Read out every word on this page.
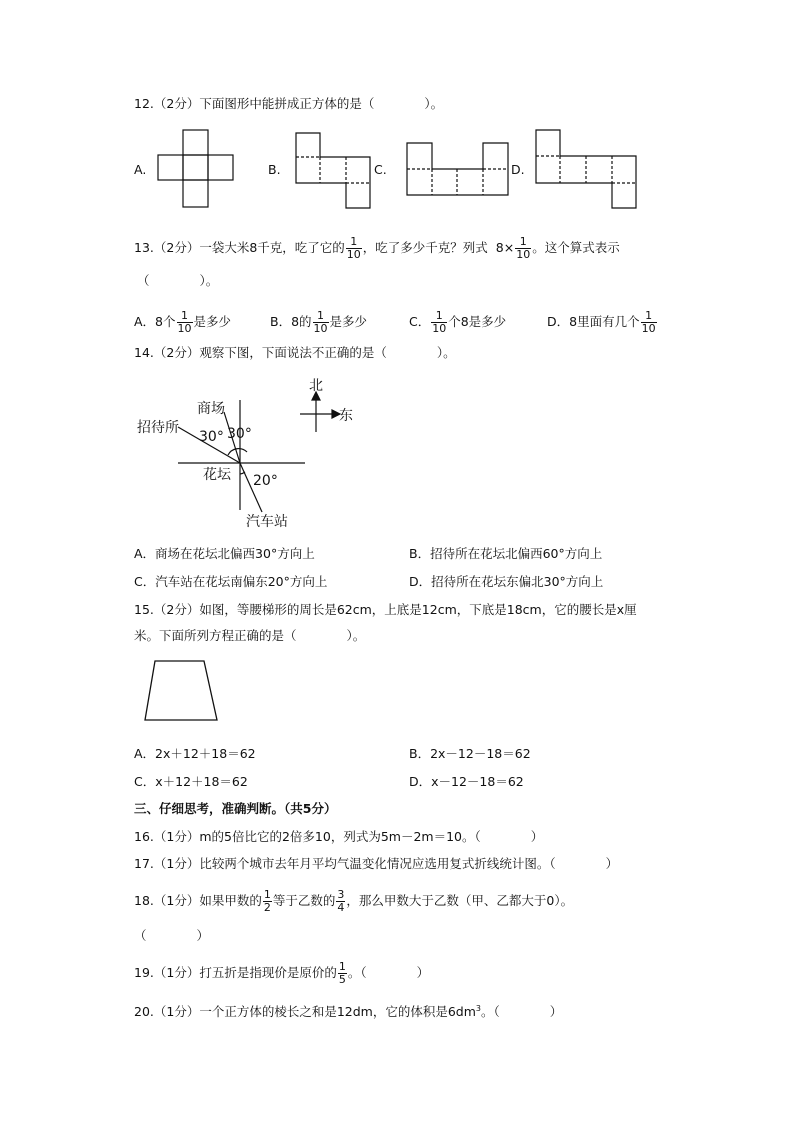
12.（2分）下面图形中能拼成正方体的是（　　　　）。
A.	B.	C.	D.
北
东
商场
招待所
30° 30°
花坛 20°
汽车站
13.（2分）一袋大米8千克，吃了它的 $\frac{1}{10}$ ，吃了多少千克？列式 $8\times \frac{1}{10}$ 。这个算式表示
（　　　　）。
A．8个 $\frac{1}{10}$ 是多少	B．8的 $\frac{1}{10}$ 是多少	C． $\frac{1}{10}$ 个8是多少	D．8里面有几个 $\frac{1}{10}$
14.（2分）观察下图，下面说法不正确的是（　　　　）。
A．商场在花坛北偏西30°方向上	B．招待所在花坛北偏西60°方向上
C．汽车站在花坛南偏东20°方向上	D．招待所在花坛东偏北30°方向上
15.（2分）如图，等腰梯形的周长是62cm，上底是12cm，下底是18cm，它的腰长是x厘
米。下面所列方程正确的是（　　　　）。
A．2x＋12＋18＝62	B．2x－12－18＝62
C．x＋12＋18＝62	D．x－12－18＝62
三、仔细思考，准确判断。（共5分）
16.（1分）m的5倍比它的2倍多10，列式为5m－2m＝10。（　　　　）
17.（1分）比较两个城市去年月平均气温变化情况应选用复式折线统计图。（　　　　）
18.（1分）如果甲数的 $\frac{1}{2}$ 等于乙数的 $\frac{3}{4}$ ，那么甲数大于乙数（甲、乙都大于0）。
（　　　　）
19.（1分）打五折是指现价是原价的 $\frac{1}{5}$ 。（　　　　）
20.（1分）一个正方体的棱长之和是12dm，它的体积是$6dm^3$。（　　　　）
